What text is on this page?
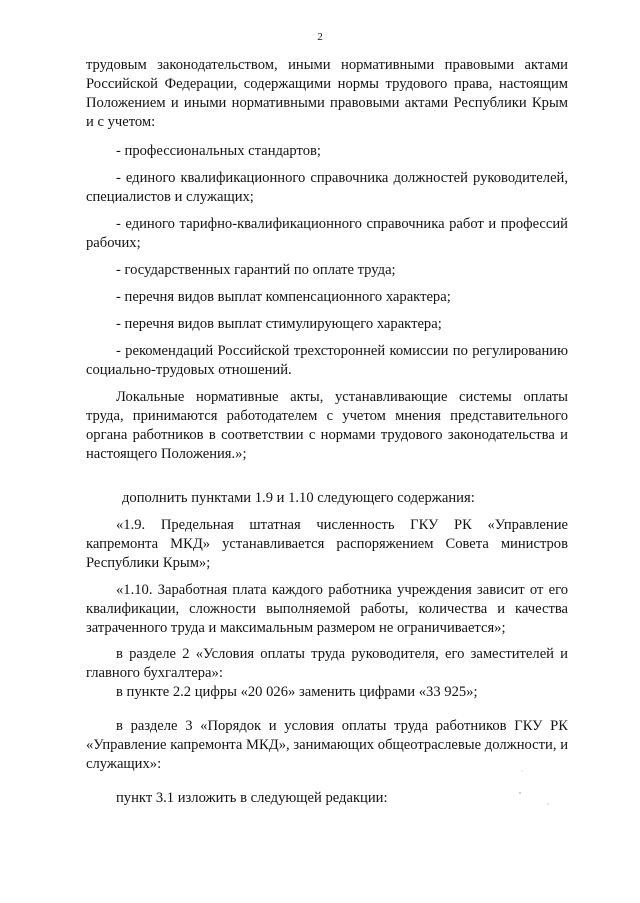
2

трудовым законодательством, иными нормативными правовыми актами Российской Федерации, содержащими нормы трудового права, настоящим Положением и иными нормативными правовыми актами Республики Крым и с учетом:

- профессиональных стандартов;

- единого квалификационного справочника должностей руководителей, специалистов и служащих;

- единого тарифно-квалификационного справочника работ и профессий рабочих;

- государственных гарантий по оплате труда;

- перечня видов выплат компенсационного характера;

- перечня видов выплат стимулирующего характера;

- рекомендаций Российской трехсторонней комиссии по регулированию социально-трудовых отношений.

Локальные нормативные акты, устанавливающие системы оплаты труда, принимаются работодателем с учетом мнения представительного органа работников в соответствии с нормами трудового законодательства и настоящего Положения.»;

дополнить пунктами 1.9 и 1.10 следующего содержания:

«1.9. Предельная штатная численность ГКУ РК «Управление капремонта МКД» устанавливается распоряжением Совета министров Республики Крым»;

«1.10. Заработная плата каждого работника учреждения зависит от его квалификации, сложности выполняемой работы, количества и качества затраченного труда и максимальным размером не ограничивается»;

в разделе 2 «Условия оплаты труда руководителя, его заместителей и главного бухгалтера»:

в пункте 2.2 цифры «20 026» заменить цифрами «33 925»;

в разделе 3 «Порядок и условия оплаты труда работников ГКУ РК «Управление капремонта МКД», занимающих общеотраслевые должности, и служащих»:

пункт 3.1 изложить в следующей редакции:
